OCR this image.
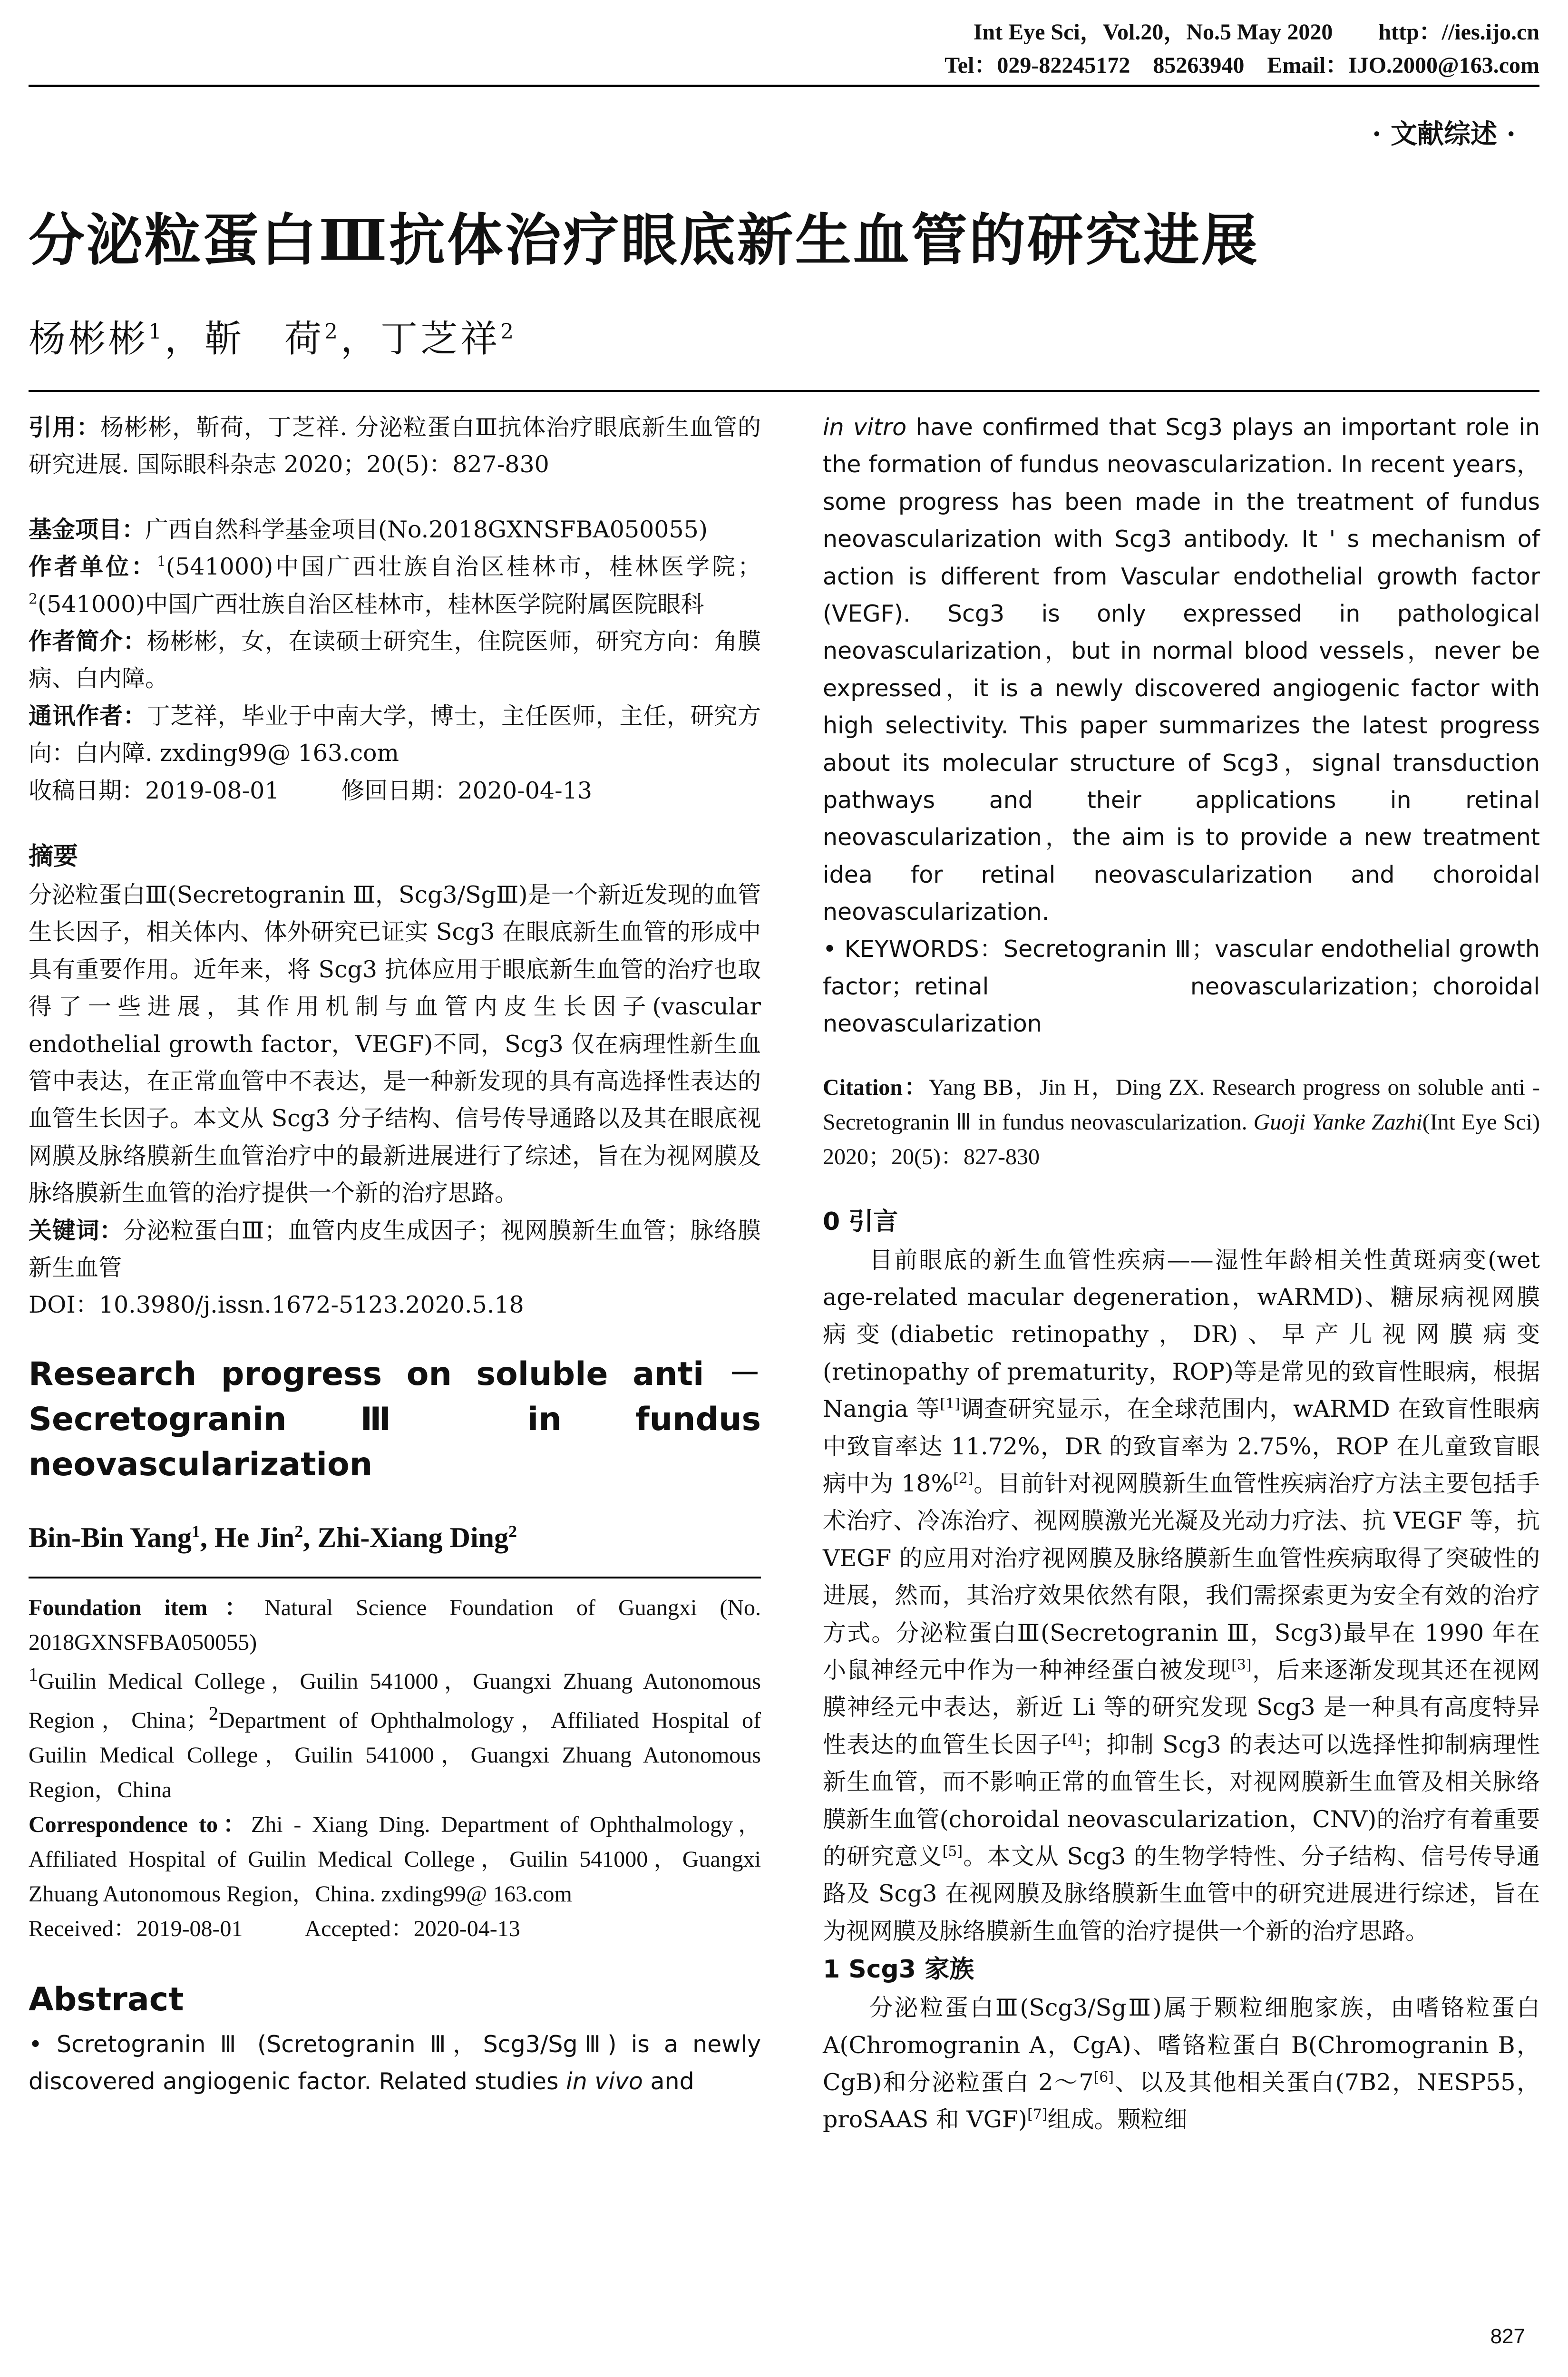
Int Eye Sci，Vol.20，No.5 May 2020　　http：//ies.ijo.cn
Tel：029-82245172　85263940　Email：IJO.2000@163.com
· 文献综述 ·
分泌粒蛋白Ⅲ抗体治疗眼底新生血管的研究进展
杨彬彬$^1$，靳　荷$^2$，丁芝祥$^2$

引用：杨彬彬，靳荷，丁芝祥. 分泌粒蛋白Ⅲ抗体治疗眼底新生血管的研究进展. 国际眼科杂志 2020；20(5)：827-830

基金项目：广西自然科学基金项目(No.2018GXNSFBA050055)

作者单位：$^1$(541000)中国广西壮族自治区桂林市，桂林医学院；$^2$(541000)中国广西壮族自治区桂林市，桂林医学院附属医院眼科

作者简介：杨彬彬，女，在读硕士研究生，住院医师，研究方向：角膜病、白内障。

通讯作者：丁芝祥，毕业于中南大学，博士，主任医师，主任，研究方向：白内障. zxding99@ 163.com

收稿日期：2019-08-01	修回日期：2020-04-13

摘要

分泌粒蛋白Ⅲ(Secretogranin Ⅲ，Scg3/SgⅢ)是一个新近发现的血管生长因子，相关体内、体外研究已证实 Scg3 在眼底新生血管的形成中具有重要作用。近年来，将 Scg3 抗体应用于眼底新生血管的治疗也取得了一些进展，其作用机制与血管内皮生长因子(vascular endothelial growth factor，VEGF)不同，Scg3 仅在病理性新生血管中表达，在正常血管中不表达，是一种新发现的具有高选择性表达的血管生长因子。本文从 Scg3 分子结构、信号传导通路以及其在眼底视网膜及脉络膜新生血管治疗中的最新进展进行了综述，旨在为视网膜及脉络膜新生血管的治疗提供一个新的治疗思路。

关键词：分泌粒蛋白Ⅲ；血管内皮生成因子；视网膜新生血管；脉络膜新生血管

DOI：10.3980/j.issn.1672-5123.2020.5.18

Research progress on soluble anti － Secretogranin Ⅲ in fundus neovascularization

Bin-Bin Yang$^1$, He Jin$^2$, Zhi-Xiang Ding$^2$

Foundation item：Natural Science Foundation of Guangxi (No. 2018GXNSFBA050055)

$^1$Guilin Medical College，Guilin 541000，Guangxi Zhuang Autonomous Region，China；$^2$Department of Ophthalmology，Affiliated Hospital of Guilin Medical College，Guilin 541000，Guangxi Zhuang Autonomous Region，China

Correspondence to：Zhi - Xiang Ding. Department of Ophthalmology，Affiliated Hospital of Guilin Medical College，Guilin 541000，Guangxi Zhuang Autonomous Region，China. zxding99@ 163.com

Received：2019-08-01	Accepted：2020-04-13

Abstract

• Scretogranin Ⅲ (Scretogranin Ⅲ，Scg3/SgⅢ) is a newly discovered angiogenic factor. Related studies in vivo and

in vitro have confirmed that Scg3 plays an important role in the formation of fundus neovascularization. In recent years，some progress has been made in the treatment of fundus neovascularization with Scg3 antibody. It ' s mechanism of action is different from Vascular endothelial growth factor (VEGF). Scg3 is only expressed in pathological neovascularization，but in normal blood vessels，never be expressed，it is a newly discovered angiogenic factor with high selectivity. This paper summarizes the latest progress about its molecular structure of Scg3，signal transduction pathways and their applications in retinal neovascularization，the aim is to provide a new treatment idea for retinal neovascularization and choroidal neovascularization.

• KEYWORDS：Secretogranin Ⅲ；vascular endothelial growth factor；retinal neovascularization；choroidal neovascularization

Citation：Yang BB，Jin H，Ding ZX. Research progress on soluble anti - Secretogranin Ⅲ in fundus neovascularization. Guoji Yanke Zazhi(Int Eye Sci) 2020；20(5)：827-830

0 引言

目前眼底的新生血管性疾病——湿性年龄相关性黄斑病变(wet age-related macular degeneration，wARMD)、糖尿病视网膜病变(diabetic retinopathy，DR)、早产儿视网膜病变(retinopathy of prematurity，ROP)等是常见的致盲性眼病，根据 Nangia 等[1]调查研究显示，在全球范围内，wARMD 在致盲性眼病中致盲率达 11.72%，DR 的致盲率为 2.75%，ROP 在儿童致盲眼病中为 18%[2]。目前针对视网膜新生血管性疾病治疗方法主要包括手术治疗、冷冻治疗、视网膜激光光凝及光动力疗法、抗 VEGF 等，抗 VEGF 的应用对治疗视网膜及脉络膜新生血管性疾病取得了突破性的进展，然而，其治疗效果依然有限，我们需探索更为安全有效的治疗方式。分泌粒蛋白Ⅲ(Secretogranin Ⅲ，Scg3)最早在 1990 年在小鼠神经元中作为一种神经蛋白被发现[3]，后来逐渐发现其还在视网膜神经元中表达，新近 Li 等的研究发现 Scg3 是一种具有高度特异性表达的血管生长因子[4]；抑制 Scg3 的表达可以选择性抑制病理性新生血管，而不影响正常的血管生长，对视网膜新生血管及相关脉络膜新生血管(choroidal neovascularization，CNV)的治疗有着重要的研究意义[5]。本文从 Scg3 的生物学特性、分子结构、信号传导通路及 Scg3 在视网膜及脉络膜新生血管中的研究进展进行综述，旨在为视网膜及脉络膜新生血管的治疗提供一个新的治疗思路。

1 Scg3 家族

分泌粒蛋白Ⅲ(Scg3/SgⅢ)属于颗粒细胞家族，由嗜铬粒蛋白 A(Chromogranin A，CgA)、嗜铬粒蛋白 B(Chromogranin B，CgB)和分泌粒蛋白 2～7[6]、以及其他相关蛋白(7B2，NESP55，proSAAS 和 VGF)[7]组成。颗粒细

827
